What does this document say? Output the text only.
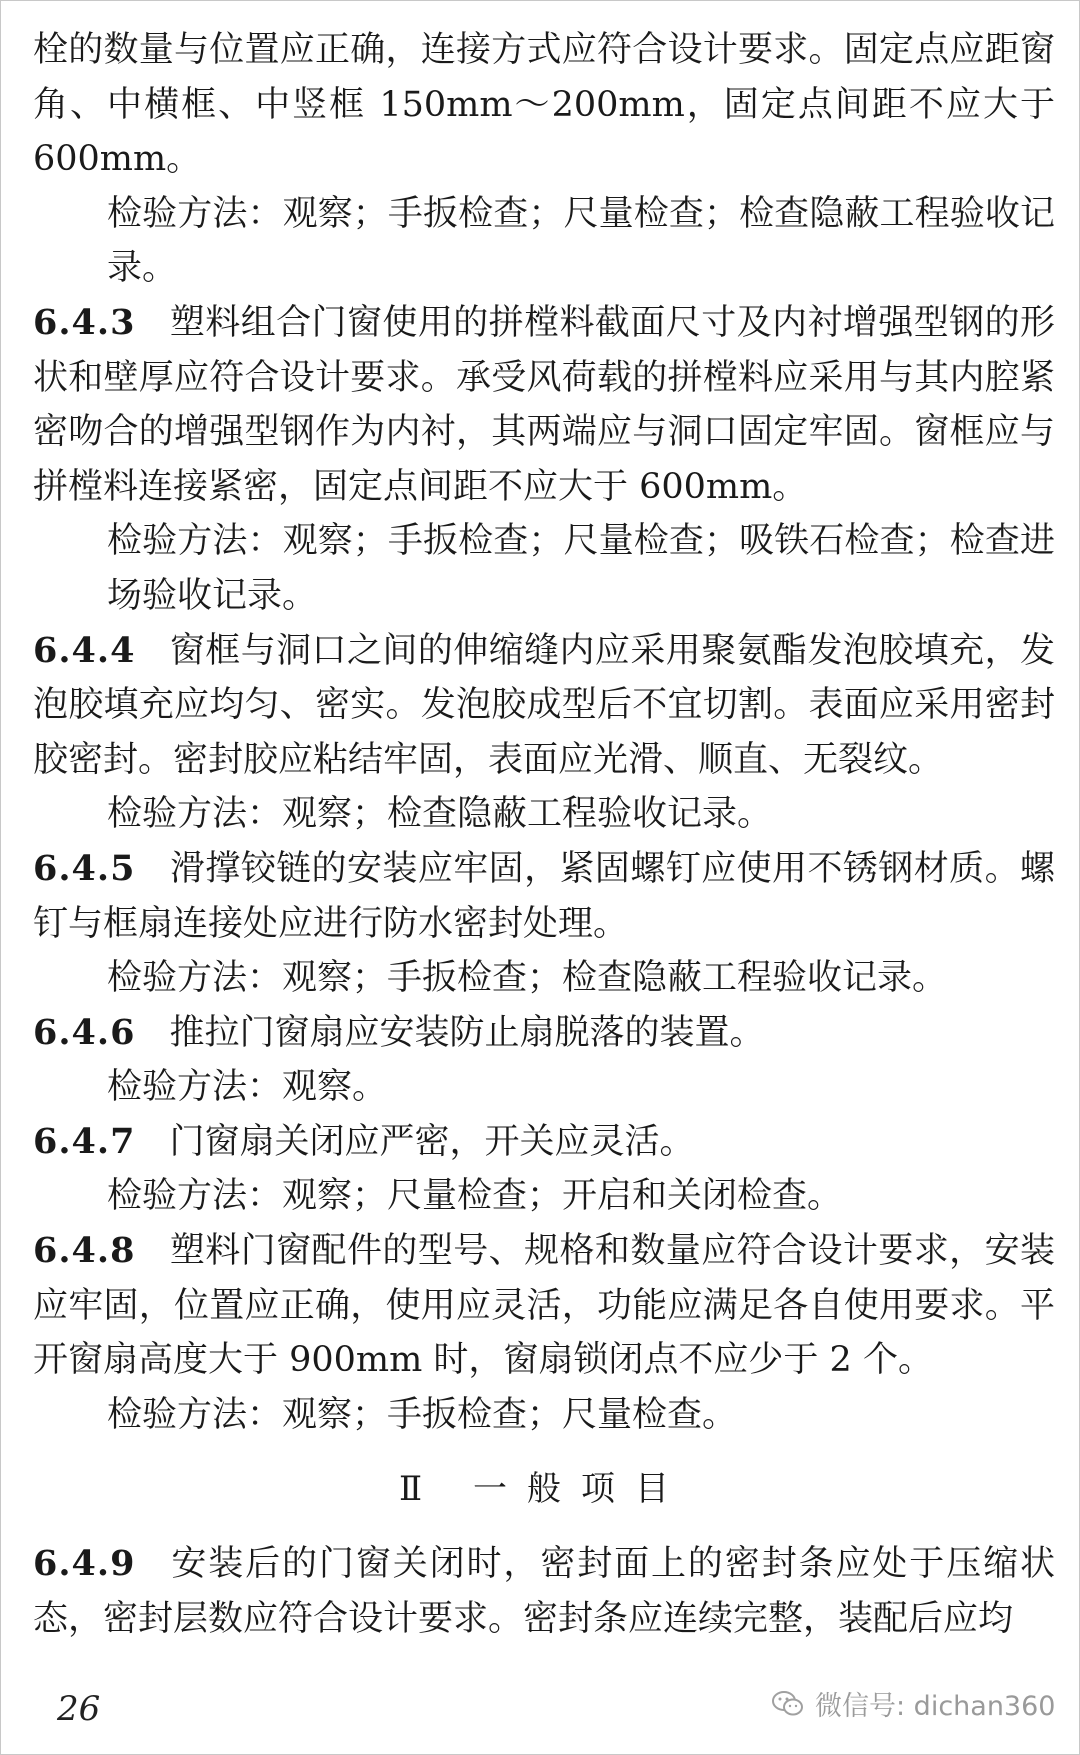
栓的数量与位置应正确，连接方式应符合设计要求。固定点应距窗角、中横框、中竖框 150mm～200mm，固定点间距不应大于 600mm。

检验方法：观察；手扳检查；尺量检查；检查隐蔽工程验收记录。

6.4.3 塑料组合门窗使用的拼樘料截面尺寸及内衬增强型钢的形状和壁厚应符合设计要求。承受风荷载的拼樘料应采用与其内腔紧密吻合的增强型钢作为内衬，其两端应与洞口固定牢固。窗框应与拼樘料连接紧密，固定点间距不应大于 600mm。

检验方法：观察；手扳检查；尺量检查；吸铁石检查；检查进场验收记录。

6.4.4 窗框与洞口之间的伸缩缝内应采用聚氨酯发泡胶填充，发泡胶填充应均匀、密实。发泡胶成型后不宜切割。表面应采用密封胶密封。密封胶应粘结牢固，表面应光滑、顺直、无裂纹。

检验方法：观察；检查隐蔽工程验收记录。

6.4.5 滑撑铰链的安装应牢固，紧固螺钉应使用不锈钢材质。螺钉与框扇连接处应进行防水密封处理。

检验方法：观察；手扳检查；检查隐蔽工程验收记录。

6.4.6 推拉门窗扇应安装防止扇脱落的装置。

检验方法：观察。

6.4.7 门窗扇关闭应严密，开关应灵活。

检验方法：观察；尺量检查；开启和关闭检查。

6.4.8 塑料门窗配件的型号、规格和数量应符合设计要求，安装应牢固，位置应正确，使用应灵活，功能应满足各自使用要求。平开窗扇高度大于 900mm 时，窗扇锁闭点不应少于 2 个。

检验方法：观察；手扳检查；尺量检查。

Ⅱ 一般项目

6.4.9 安装后的门窗关闭时，密封面上的密封条应处于压缩状态，密封层数应符合设计要求。密封条应连续完整，装配后应均

26	微信号: dichan360
